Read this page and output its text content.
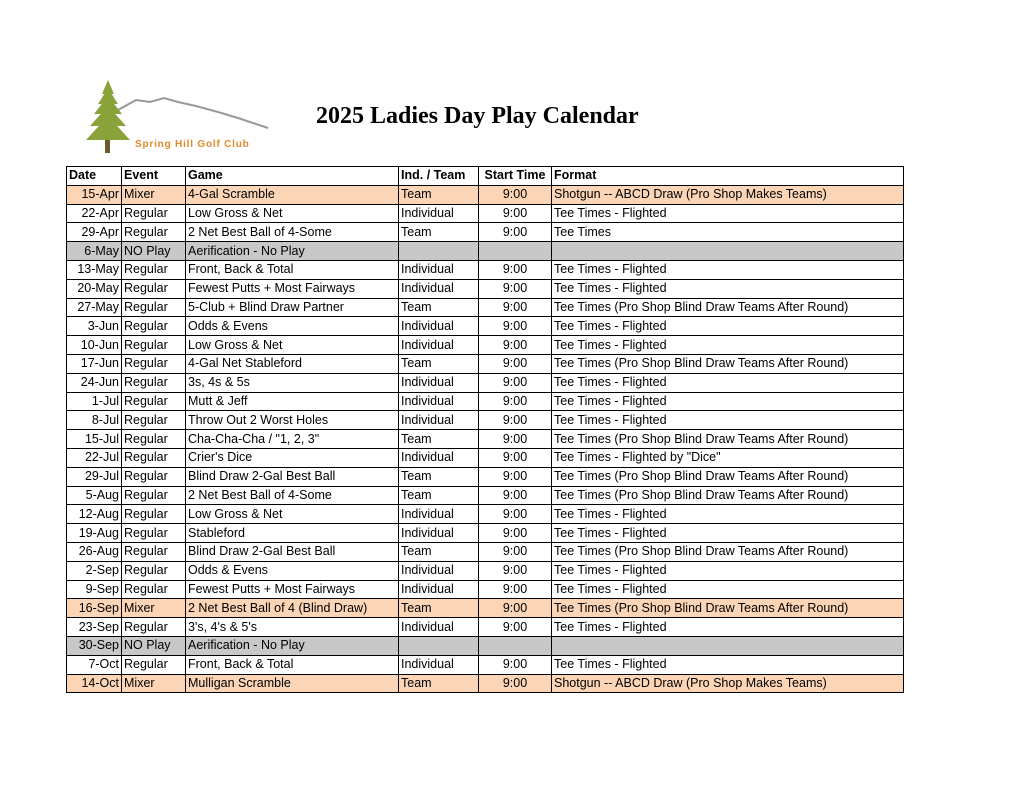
Spring Hill Golf Club
2025 Ladies Day Play Calendar
Date	Event	Game	Ind. / Team	Start Time	Format
15-Apr	Mixer	4-Gal Scramble	Team	9:00	Shotgun -- ABCD Draw (Pro Shop Makes Teams)
22-Apr	Regular	Low Gross & Net	Individual	9:00	Tee Times - Flighted
29-Apr	Regular	2 Net Best Ball of 4-Some	Team	9:00	Tee Times
6-May	NO Play	Aerification - No Play			
13-May	Regular	Front, Back & Total	Individual	9:00	Tee Times - Flighted
20-May	Regular	Fewest Putts + Most Fairways	Individual	9:00	Tee Times - Flighted
27-May	Regular	5-Club + Blind Draw Partner	Team	9:00	Tee Times (Pro Shop Blind Draw Teams After Round)
3-Jun	Regular	Odds & Evens	Individual	9:00	Tee Times - Flighted
10-Jun	Regular	Low Gross & Net	Individual	9:00	Tee Times - Flighted
17-Jun	Regular	4-Gal Net Stableford	Team	9:00	Tee Times (Pro Shop Blind Draw Teams After Round)
24-Jun	Regular	3s, 4s & 5s	Individual	9:00	Tee Times - Flighted
1-Jul	Regular	Mutt & Jeff	Individual	9:00	Tee Times - Flighted
8-Jul	Regular	Throw Out 2 Worst Holes	Individual	9:00	Tee Times - Flighted
15-Jul	Regular	Cha-Cha-Cha / "1, 2, 3"	Team	9:00	Tee Times (Pro Shop Blind Draw Teams After Round)
22-Jul	Regular	Crier's Dice	Individual	9:00	Tee Times - Flighted by "Dice"
29-Jul	Regular	Blind Draw 2-Gal Best Ball	Team	9:00	Tee Times (Pro Shop Blind Draw Teams After Round)
5-Aug	Regular	2 Net Best Ball of 4-Some	Team	9:00	Tee Times (Pro Shop Blind Draw Teams After Round)
12-Aug	Regular	Low Gross & Net	Individual	9:00	Tee Times - Flighted
19-Aug	Regular	Stableford	Individual	9:00	Tee Times - Flighted
26-Aug	Regular	Blind Draw 2-Gal Best Ball	Team	9:00	Tee Times (Pro Shop Blind Draw Teams After Round)
2-Sep	Regular	Odds & Evens	Individual	9:00	Tee Times - Flighted
9-Sep	Regular	Fewest Putts + Most Fairways	Individual	9:00	Tee Times - Flighted
16-Sep	Mixer	2 Net Best Ball of 4 (Blind Draw)	Team	9:00	Tee Times (Pro Shop Blind Draw Teams After Round)
23-Sep	Regular	3's, 4's & 5's	Individual	9:00	Tee Times - Flighted
30-Sep	NO Play	Aerification - No Play			
7-Oct	Regular	Front, Back & Total	Individual	9:00	Tee Times - Flighted
14-Oct	Mixer	Mulligan Scramble	Team	9:00	Shotgun -- ABCD Draw (Pro Shop Makes Teams)
